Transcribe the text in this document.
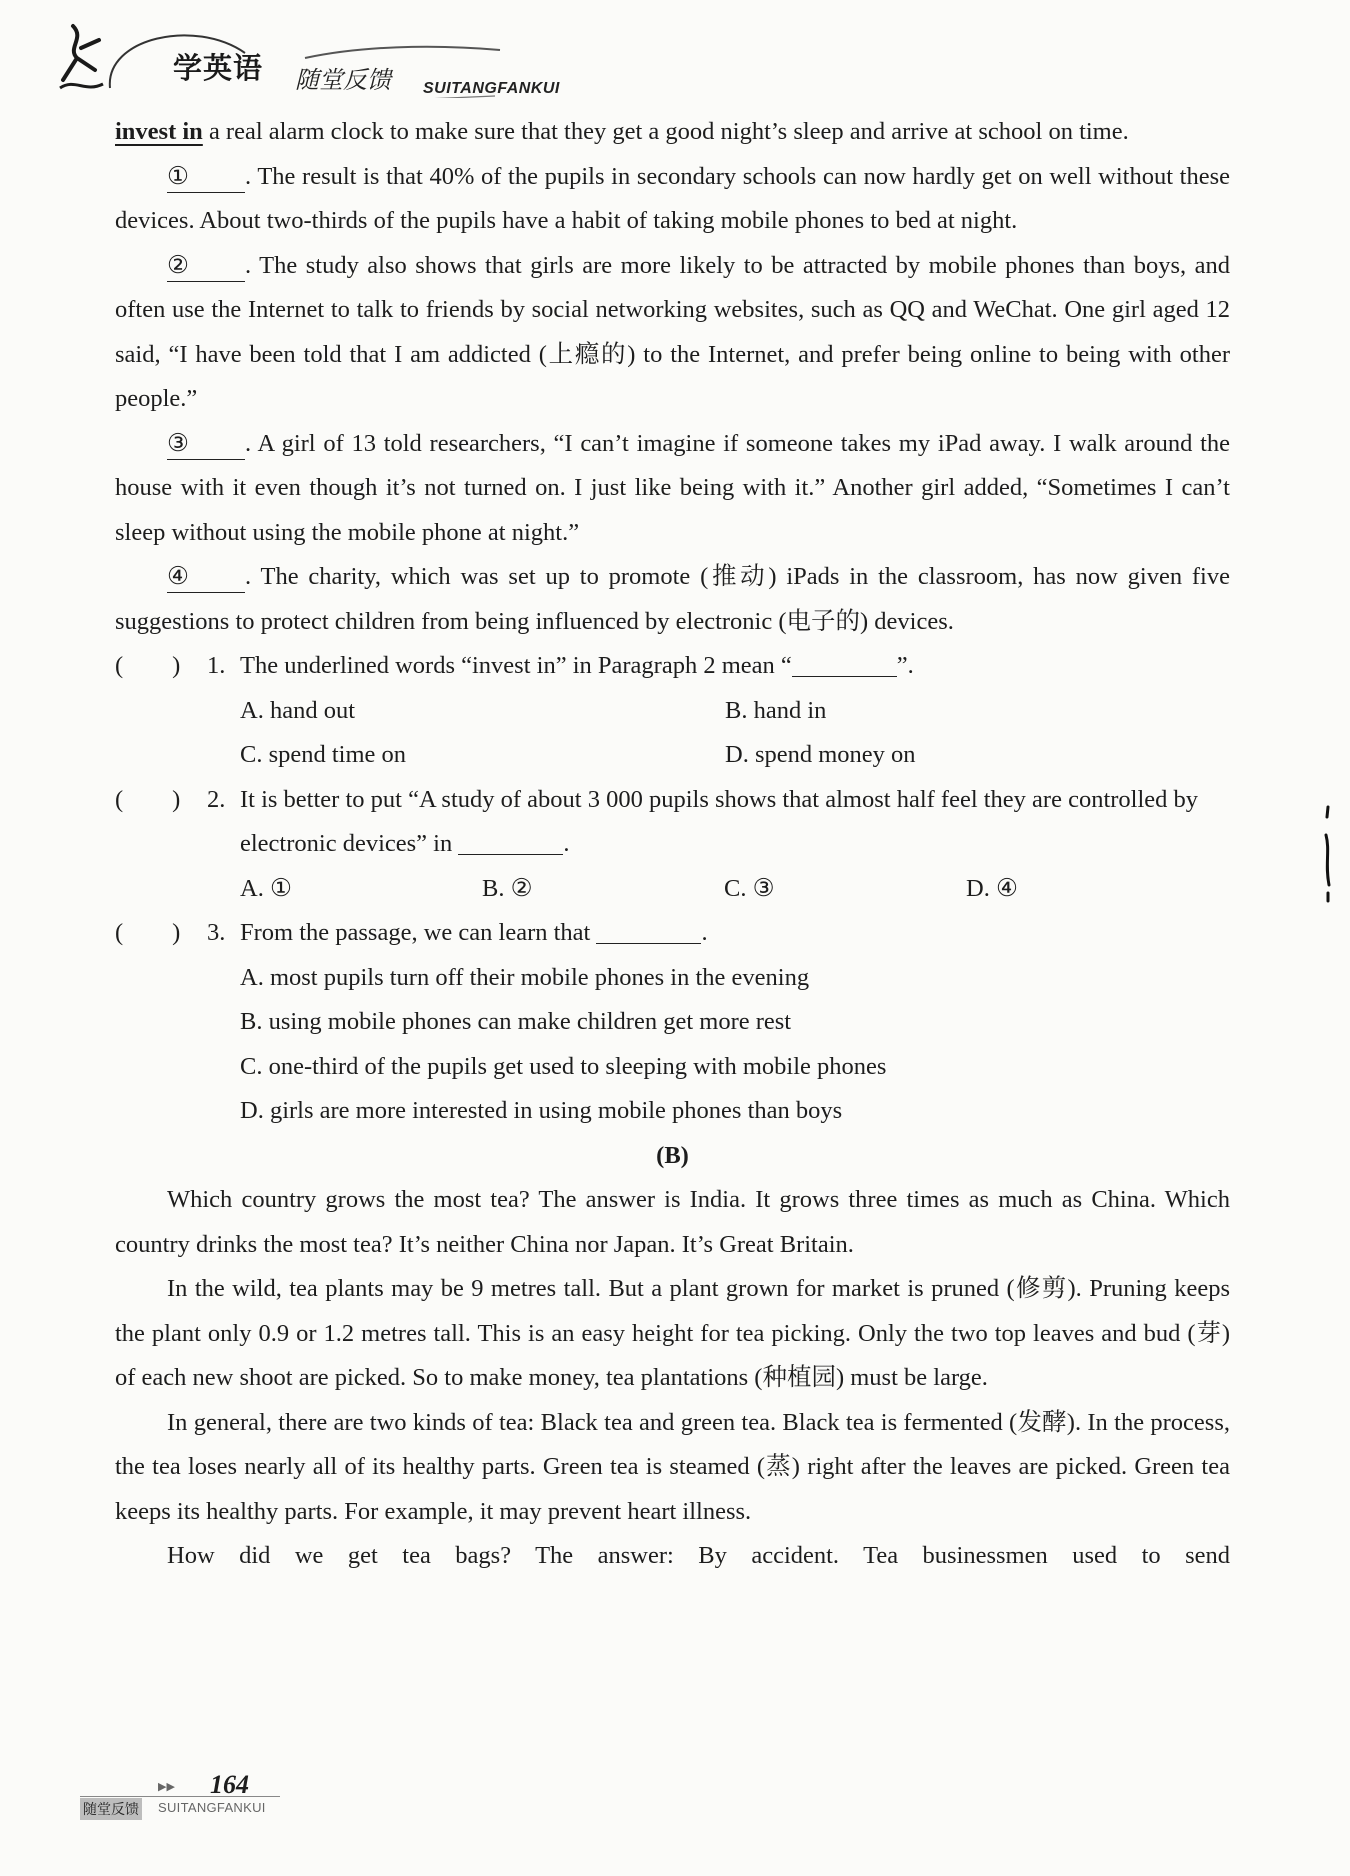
学英语 随堂反馈 SUITANGFANKUI

invest in a real alarm clock to make sure that they get a good night’s sleep and arrive at school on time.

① . The result is that 40% of the pupils in secondary schools can now hardly get on well without these devices. About two-thirds of the pupils have a habit of taking mobile phones to bed at night.

② . The study also shows that girls are more likely to be attracted by mobile phones than boys, and often use the Internet to talk to friends by social networking websites, such as QQ and WeChat. One girl aged 12 said, “I have been told that I am addicted (上瘾的) to the Internet, and prefer being online to being with other people.”

③ . A girl of 13 told researchers, “I can’t imagine if someone takes my iPad away. I walk around the house with it even though it’s not turned on. I just like being with it.” Another girl added, “Sometimes I can’t sleep without using the mobile phone at night.”

④ . The charity, which was set up to promote (推动) iPads in the classroom, has now given five suggestions to protect children from being influenced by electronic (电子的) devices.

(　　) 1. The underlined words “invest in” in Paragraph 2 mean “	”.

A. hand out	B. hand in
C. spend time on	D. spend money on

(　　) 2. It is better to put “A study of about 3 000 pupils shows that almost half feel they are controlled by electronic devices” in	.

A. ①	B. ②	C. ③	D. ④

(　　) 3. From the passage, we can learn that	.

A. most pupils turn off their mobile phones in the evening
B. using mobile phones can make children get more rest
C. one-third of the pupils get used to sleeping with mobile phones
D. girls are more interested in using mobile phones than boys

(B)

Which country grows the most tea? The answer is India. It grows three times as much as China. Which country drinks the most tea? It’s neither China nor Japan. It’s Great Britain.

In the wild, tea plants may be 9 metres tall. But a plant grown for market is pruned (修剪). Pruning keeps the plant only 0.9 or 1.2 metres tall. This is an easy height for tea picking. Only the two top leaves and bud (芽) of each new shoot are picked. So to make money, tea plantations (种植园) must be large.

In general, there are two kinds of tea: Black tea and green tea. Black tea is fermented (发酵). In the process, the tea loses nearly all of its healthy parts. Green tea is steamed (蒸) right after the leaves are picked. Green tea keeps its healthy parts. For example, it may prevent heart illness.

How did we get tea bags? The answer: By accident. Tea businessmen used to send

▶▶ 164
随堂反馈 SUITANGFANKUI
